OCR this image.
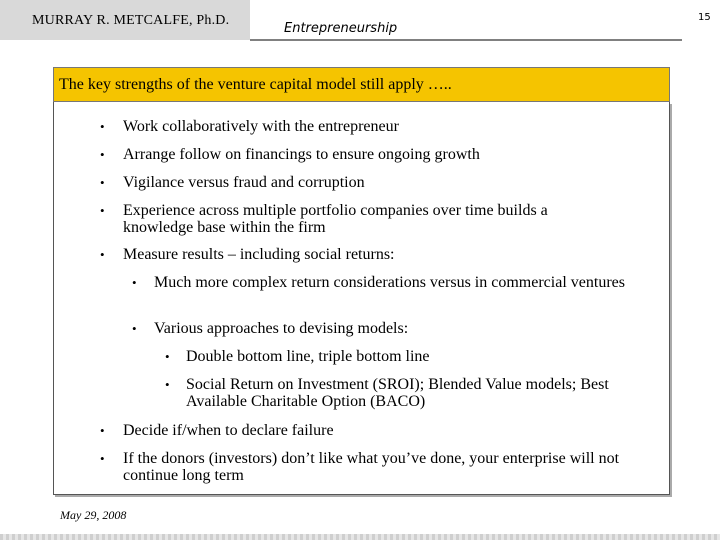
MURRAY R. METCALFE, Ph.D.
Entrepreneurship
15
The key strengths of the venture capital model still apply …..
• Work collaboratively with the entrepreneur
• Arrange follow on financings to ensure ongoing growth
• Vigilance versus fraud and corruption
• Experience across multiple portfolio companies over time builds a knowledge base within the firm
• Measure results – including social returns:
• Much more complex return considerations versus in commercial ventures
• Various approaches to devising models:
• Double bottom line, triple bottom line
• Social Return on Investment (SROI); Blended Value models; Best Available Charitable Option (BACO)
• Decide if/when to declare failure
• If the donors (investors) don’t like what you’ve done, your enterprise will not continue long term
May 29, 2008
